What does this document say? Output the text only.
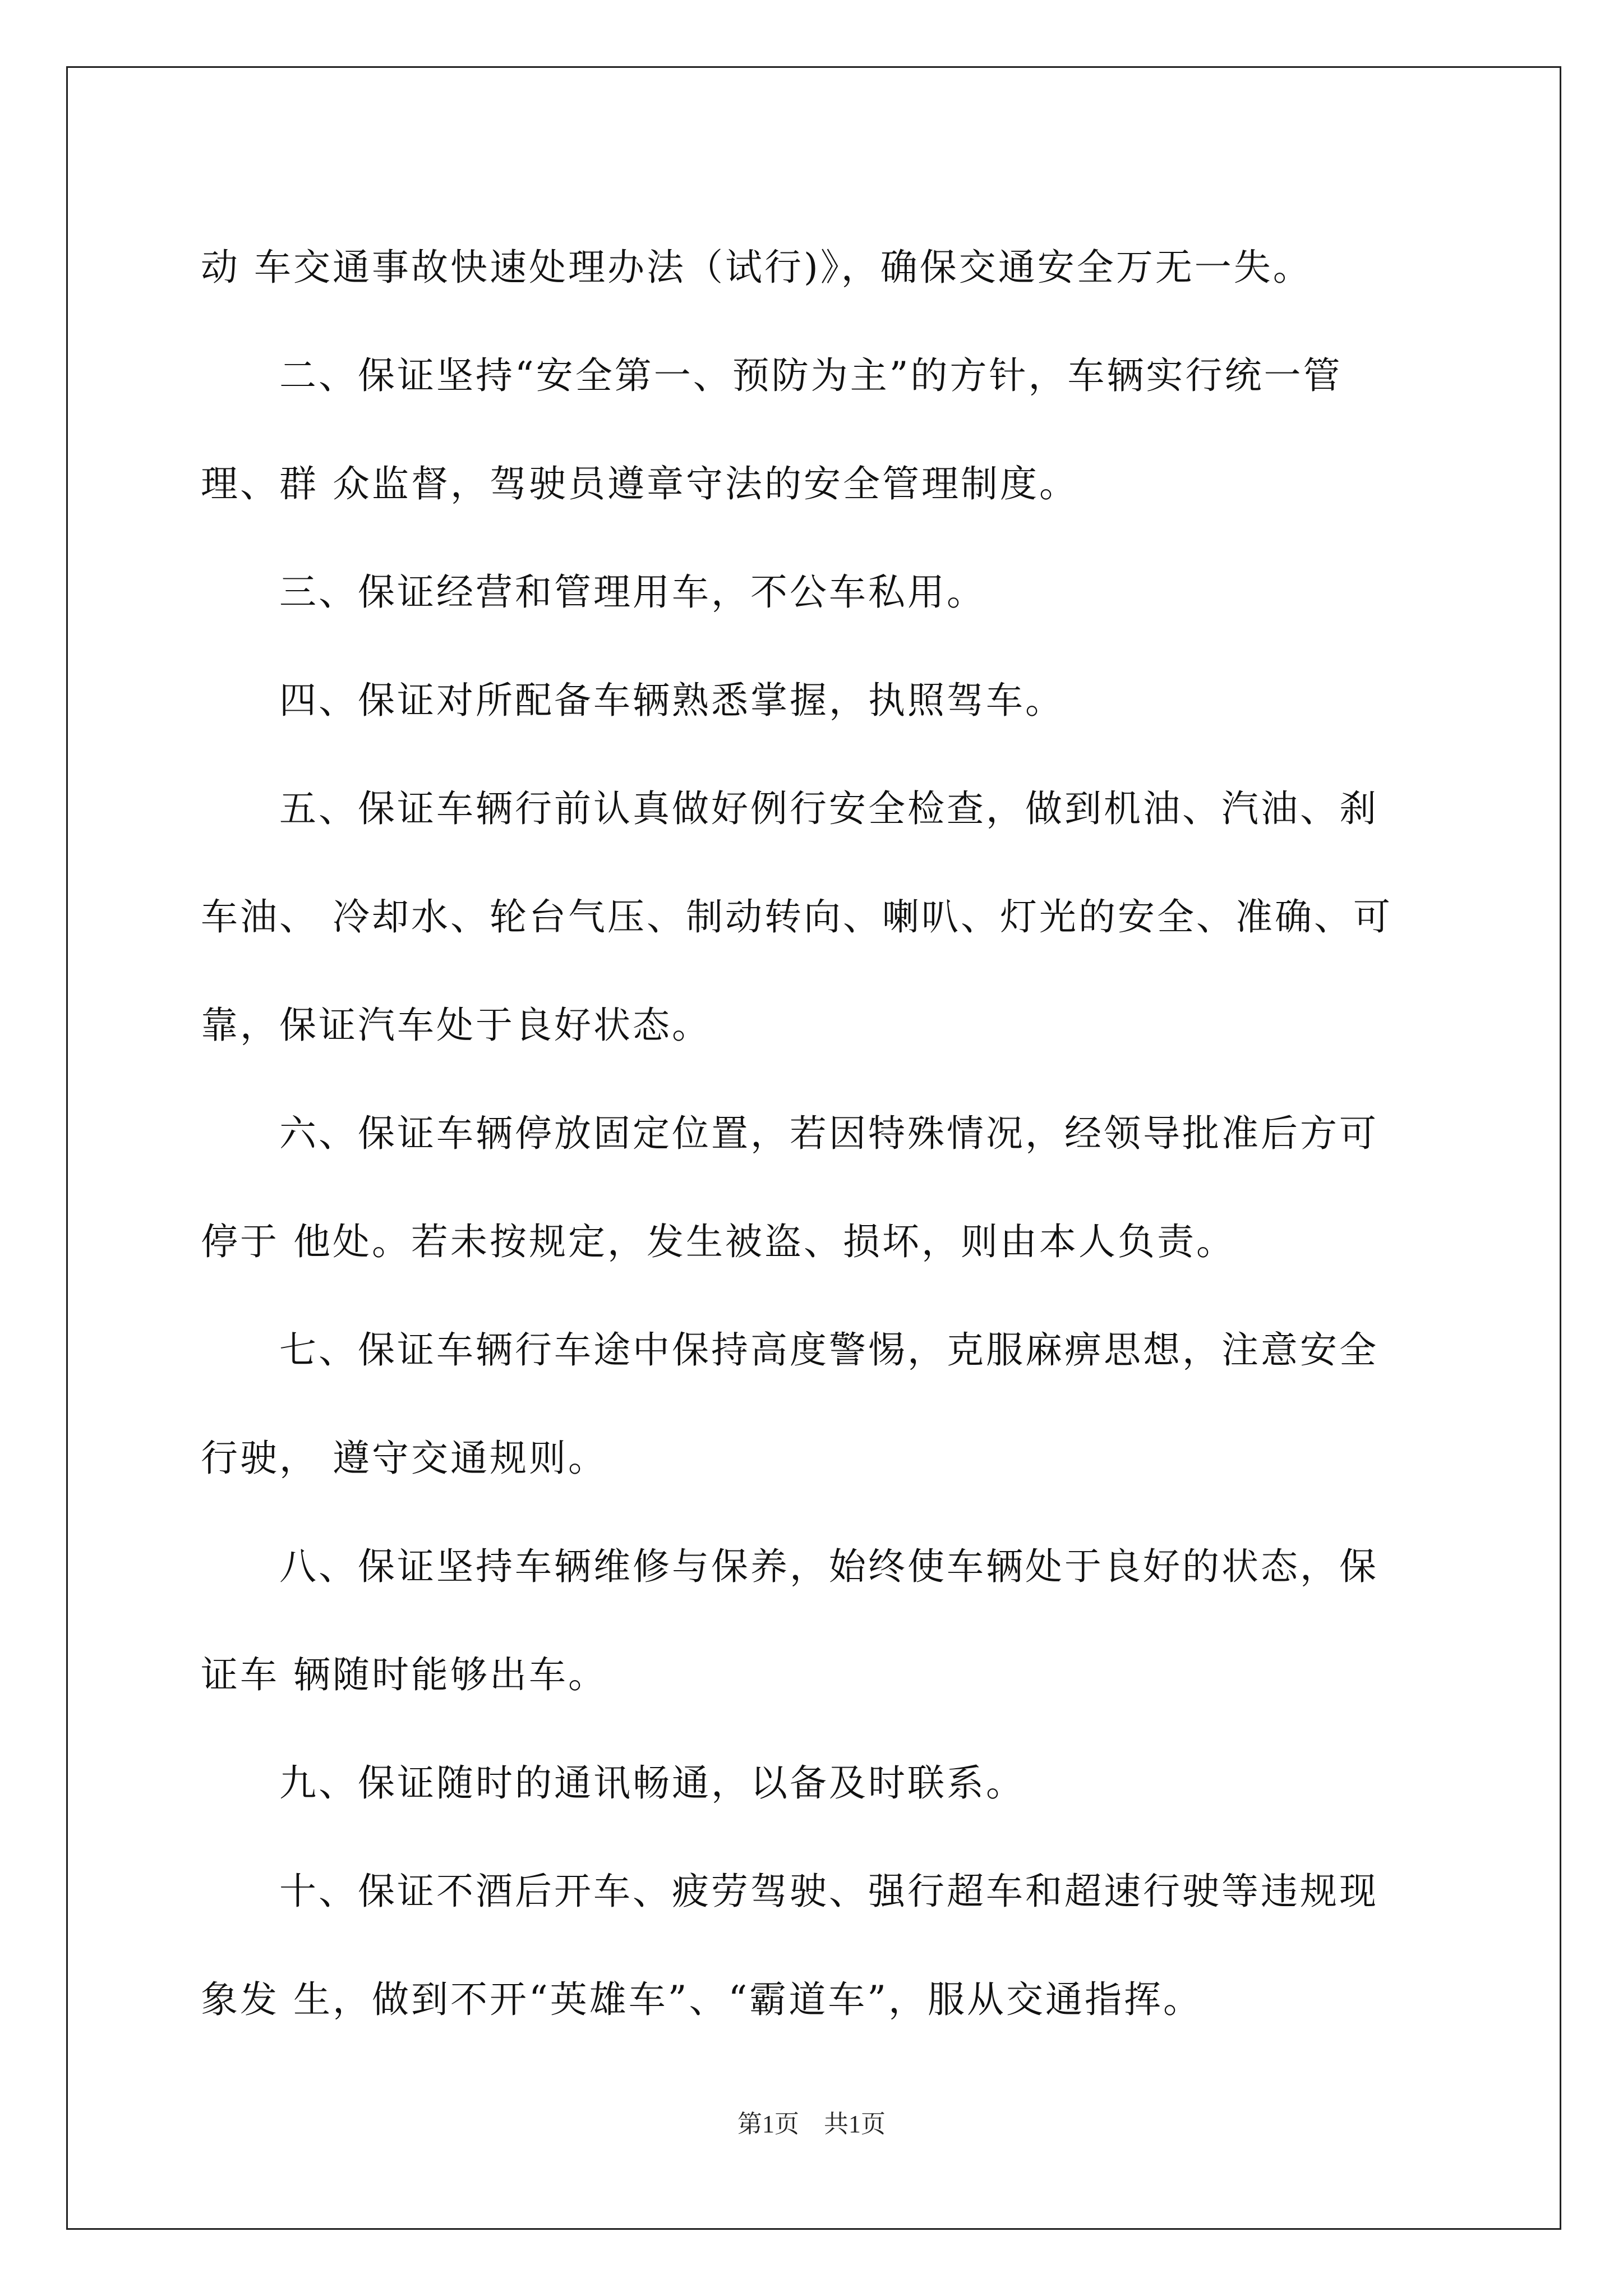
动 车交通事故快速处理办法（试行)》，确保交通安全万无一失。
二、保证坚持“安全第一、预防为主”的方针，车辆实行统一管
理、群 众监督，驾驶员遵章守法的安全管理制度。
三、保证经营和管理用车，不公车私用。
四、保证对所配备车辆熟悉掌握，执照驾车。
五、保证车辆行前认真做好例行安全检查，做到机油、汽油、刹
车油、 冷却水、轮台气压、制动转向、喇叭、灯光的安全、准确、可
靠，保证汽车处于良好状态。
六、保证车辆停放固定位置，若因特殊情况，经领导批准后方可
停于 他处。若未按规定，发生被盗、损坏，则由本人负责。
七、保证车辆行车途中保持高度警惕，克服麻痹思想，注意安全
行驶， 遵守交通规则。
八、保证坚持车辆维修与保养，始终使车辆处于良好的状态，保
证车 辆随时能够出车。
九、保证随时的通讯畅通，以备及时联系。
十、保证不酒后开车、疲劳驾驶、强行超车和超速行驶等违规现
象发 生，做到不开“英雄车”、“霸道车”，服从交通指挥。
第1页　共1页
